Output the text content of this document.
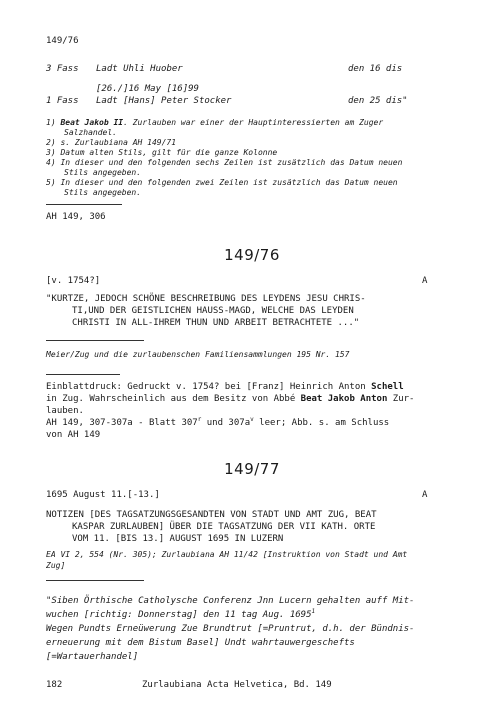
149/76
3 Fass Ladt Uhli Huober	den 16 dis
[26./]16 May [16]99
1 Fass Ladt [Hans] Peter Stocker	den 25 dis"
1) Beat Jakob II. Zurlauben war einer der Hauptinteressierten am Zuger
Salzhandel.
2) s. Zurlaubiana AH 149/71
3) Datum alten Stils, gilt für die ganze Kolonne
4) In dieser und den folgenden sechs Zeilen ist zusätzlich das Datum neuen
Stils angegeben.
5) In dieser und den folgenden zwei Zeilen ist zusätzlich das Datum neuen
Stils angegeben.
AH 149, 306
149/76
[v. 1754?]	A
"KURTZE, JEDOCH SCHÖNE BESCHREIBUNG DES LEYDENS JESU CHRIS-
TI,UND DER GEISTLICHEN HAUSS-MAGD, WELCHE DAS LEYDEN
CHRISTI IN ALL-IHREM THUN UND ARBEIT BETRACHTETE ..."
Meier/Zug und die zurlaubenschen Familiensammlungen 195 Nr. 157
Einblattdruck: Gedruckt v. 1754? bei [Franz] Heinrich Anton Schell
in Zug. Wahrscheinlich aus dem Besitz von Abbé Beat Jakob Anton Zur-
lauben.
AH 149, 307-307a - Blatt 307$^r$ und $307a^v$ leer; Abb. s. am Schluss
von AH 149
149/77
1695 August 11.[-13.]	A
NOTIZEN [DES TAGSATZUNGSGESANDTEN VON STADT UND AMT ZUG, BEAT
KASPAR ZURLAUBEN] ÜBER DIE TAGSATZUNG DER VII KATH. ORTE
VOM 11. [BIS 13.] AUGUST 1695 IN LUZERN
EA VI 2, 554 (Nr. 305); Zurlaubiana AH 11/42 [Instruktion von Stadt und Amt
Zug]
"Siben Örthische Catholysche Conferenz Jnn Lucern gehalten auff Mit-
wuchen [richtig: Donnerstag] den 11 tag Aug. 1695$^1$
Wegen Pundts Erneüwerung Zue Brundtrut [=Pruntrut, d.h. der Bündnis-
erneuerung mit dem Bistum Basel] Undt wahrtauwergeschefts
[=Wartauerhandel]
182	Zurlaubiana Acta Helvetica, Bd. 149
